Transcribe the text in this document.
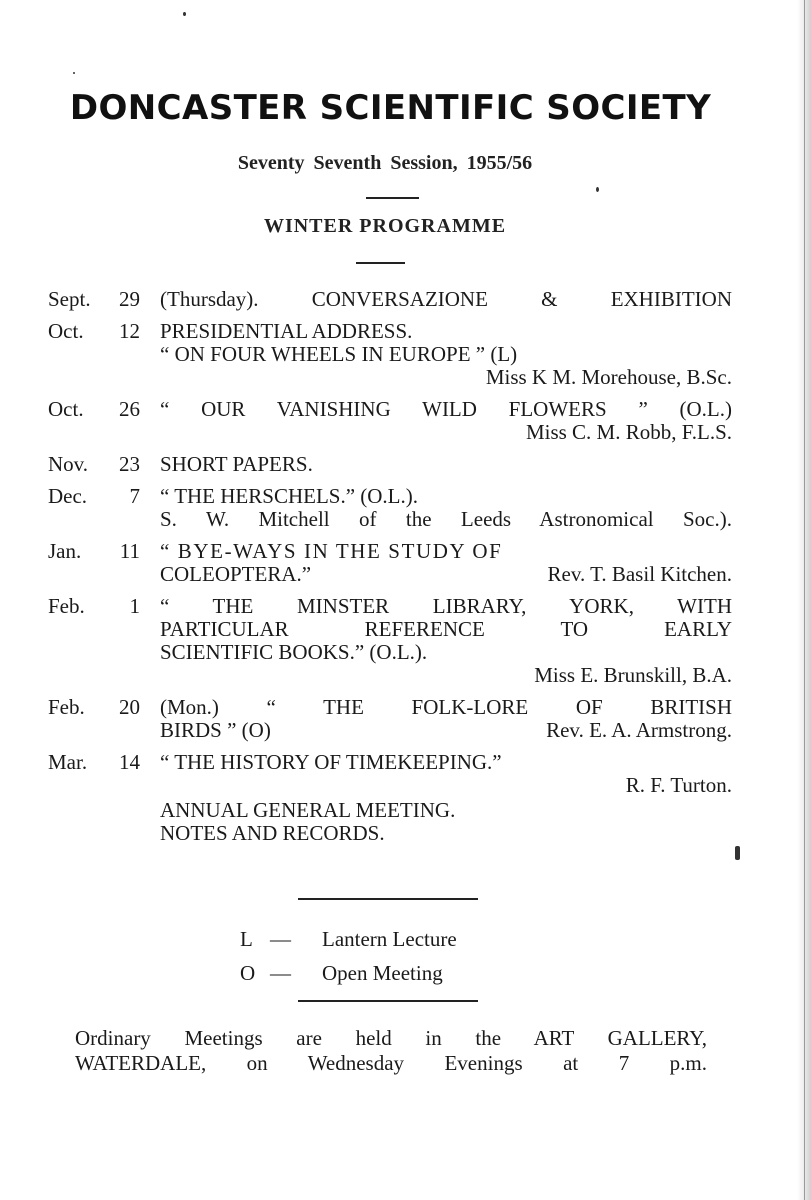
DONCASTER SCIENTIFIC SOCIETY
Seventy Seventh Session, 1955/56
WINTER PROGRAMME
Sept.	29 (Thursday). CONVERSAZIONE & EXHIBITION
Oct.	12 PRESIDENTIAL ADDRESS.
“ ON FOUR WHEELS IN EUROPE ” (L)
Miss K M. Morehouse, B.Sc.
Oct.	26 “ OUR VANISHING WILD FLOWERS ” (O.L.)
Miss C. M. Robb, F.L.S.
Nov.	23 SHORT PAPERS.
Dec.	7 “ THE HERSCHELS.” (O.L.).
S. W. Mitchell of the Leeds Astronomical Soc.).
Jan.	11 “ BYE-WAYS IN THE STUDY OF
COLEOPTERA.”	Rev. T. Basil Kitchen.
Feb.	1 “ THE MINSTER LIBRARY, YORK, WITH
PARTICULAR REFERENCE TO EARLY
SCIENTIFIC BOOKS.” (O.L.).
Miss E. Brunskill, B.A.
Feb.	20 (Mon.) “ THE FOLK-LORE OF BRITISH
BIRDS ” (O)	Rev. E. A. Armstrong.
Mar.	14 “ THE HISTORY OF TIMEKEEPING.”
R. F. Turton.
ANNUAL GENERAL MEETING.
NOTES AND RECORDS.
L —	Lantern Lecture
O —	Open Meeting
Ordinary Meetings are held in the ART GALLERY,
WATERDALE, on Wednesday Evenings at 7 p.m.
